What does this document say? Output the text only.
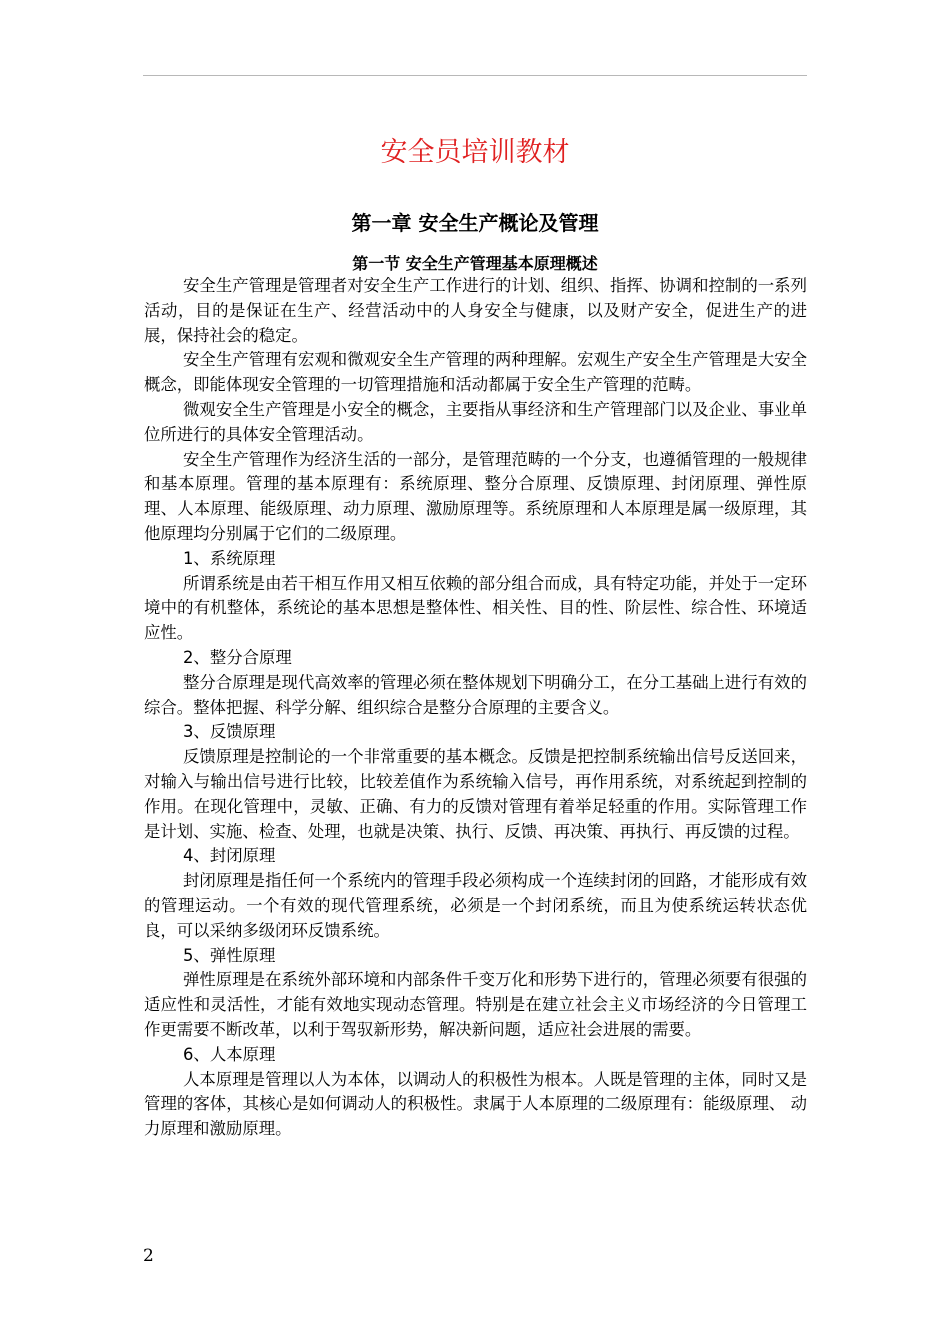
安全员培训教材
第一章 安全生产概论及管理
第一节 安全生产管理基本原理概述

安全生产管理是管理者对安全生产工作进行的计划、组织、指挥、协调和控制的一系列活动，目的是保证在生产、经营活动中的人身安全与健康，以及财产安全，促进生产的进展，保持社会的稳定。

安全生产管理有宏观和微观安全生产管理的两种理解。宏观生产安全生产管理是大安全概念，即能体现安全管理的一切管理措施和活动都属于安全生产管理的范畴。

微观安全生产管理是小安全的概念，主要指从事经济和生产管理部门以及企业、事业单位所进行的具体安全管理活动。

安全生产管理作为经济生活的一部分，是管理范畴的一个分支，也遵循管理的一般规律和基本原理。管理的基本原理有：系统原理、整分合原理、反馈原理、封闭原理、弹性原理、人本原理、能级原理、动力原理、激励原理等。系统原理和人本原理是属一级原理，其他原理均分别属于它们的二级原理。

1、系统原理

所谓系统是由若干相互作用又相互依赖的部分组合而成，具有特定功能，并处于一定环境中的有机整体，系统论的基本思想是整体性、相关性、目的性、阶层性、综合性、环境适应性。

2、整分合原理

整分合原理是现代高效率的管理必须在整体规划下明确分工，在分工基础上进行有效的综合。整体把握、科学分解、组织综合是整分合原理的主要含义。

3、反馈原理

反馈原理是控制论的一个非常重要的基本概念。反馈是把控制系统输出信号反送回来，对输入与输出信号进行比较，比较差值作为系统输入信号，再作用系统，对系统起到控制的作用。在现化管理中，灵敏、正确、有力的反馈对管理有着举足轻重的作用。实际管理工作是计划、实施、检查、处理，也就是决策、执行、反馈、再决策、再执行、再反馈的过程。

4、封闭原理

封闭原理是指任何一个系统内的管理手段必须构成一个连续封闭的回路，才能形成有效的管理运动。一个有效的现代管理系统，必须是一个封闭系统，而且为使系统运转状态优良，可以采纳多级闭环反馈系统。

5、弹性原理

弹性原理是在系统外部环境和内部条件千变万化和形势下进行的，管理必须要有很强的适应性和灵活性，才能有效地实现动态管理。特别是在建立社会主义市场经济的今日管理工作更需要不断改革，以利于驾驭新形势，解决新问题，适应社会进展的需要。

6、人本原理

人本原理是管理以人为本体，以调动人的积极性为根本。人既是管理的主体，同时又是管理的客体，其核心是如何调动人的积极性。隶属于人本原理的二级原理有：能级原理、 动力原理和激励原理。

2
